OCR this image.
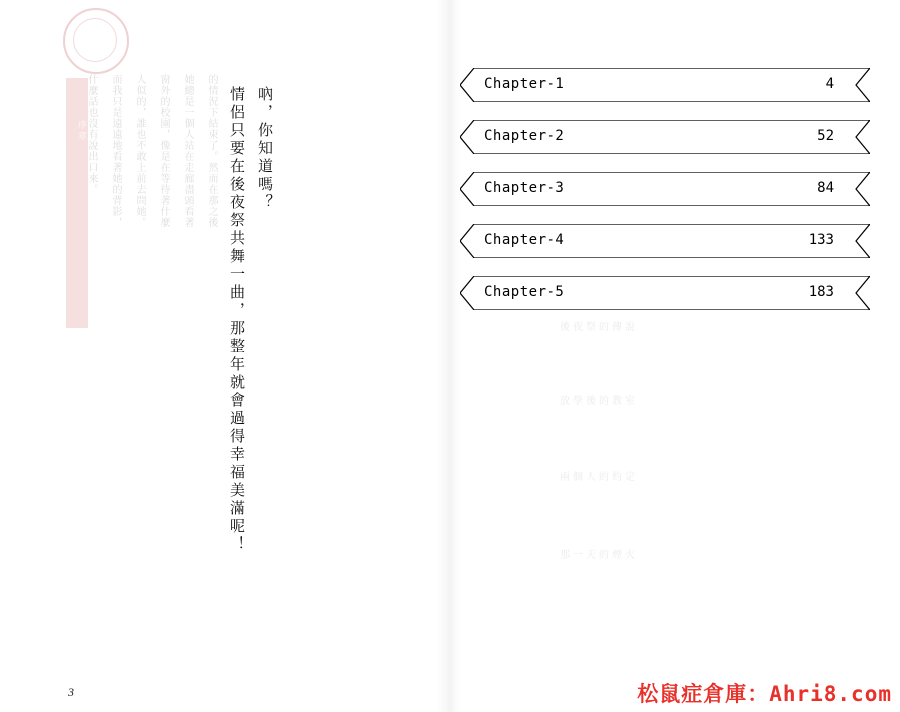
序章	的情況下結束了。然而在那之後
她總是一個人站在走廊盡頭看著
窗外的校園，像是在等待著什麼
人似的，誰也不敢上前去問她。
而我只是遠遠地看著她的背影，
什麼話也沒有說出口來。	吶，你知道嗎？
情侶只要在後夜祭共舞一曲，那整年就會過得幸福美滿呢！
3
Chapter-1	4
Chapter-2	52
Chapter-3	84
Chapter-4	133
Chapter-5	183
後夜祭的傳說
放學後的教室
兩個人的約定
那一天的煙火
松鼠症倉庫：Ahri8.com
